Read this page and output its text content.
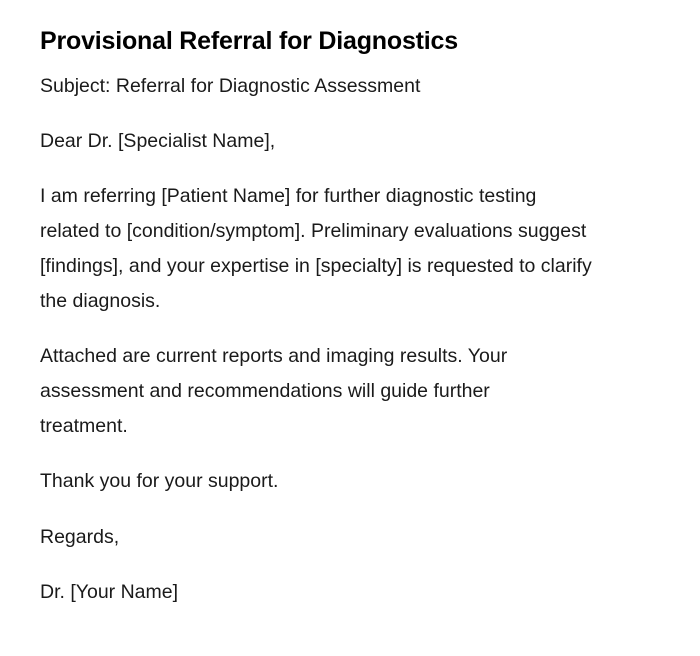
Provisional Referral for Diagnostics

Subject: Referral for Diagnostic Assessment

Dear Dr. [Specialist Name],

I am referring [Patient Name] for further diagnostic testing related to [condition/symptom]. Preliminary evaluations suggest [findings], and your expertise in [specialty] is requested to clarify the diagnosis.

Attached are current reports and imaging results. Your assessment and recommendations will guide further treatment.

Thank you for your support.

Regards,

Dr. [Your Name]
